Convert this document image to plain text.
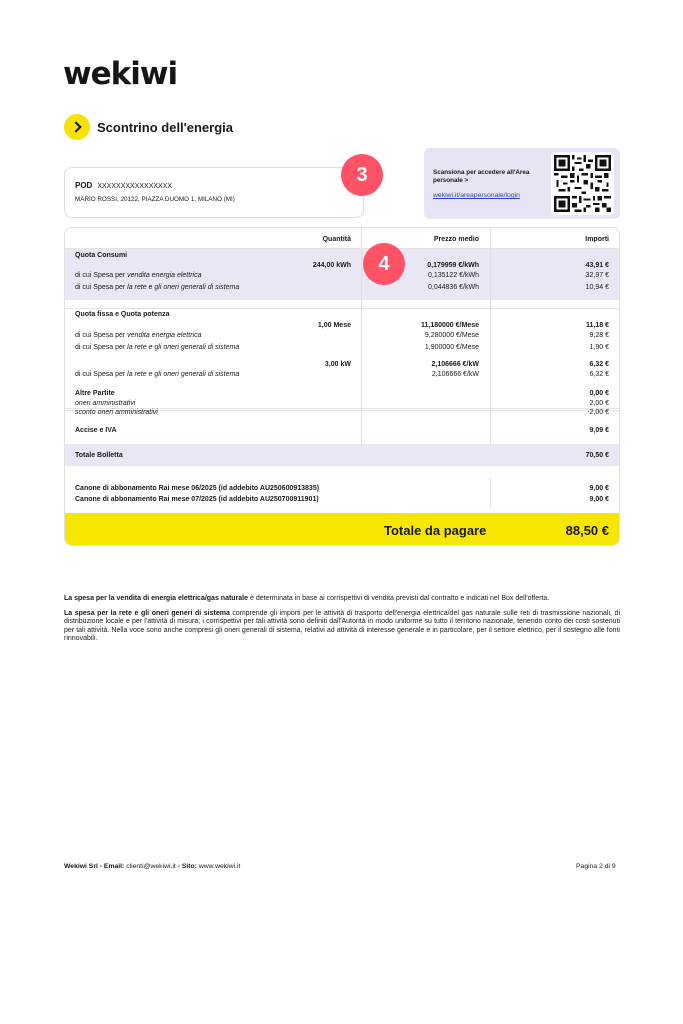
wekiwi
Scontrino dell'energia
POD XXXXXXXXXXXXXXXX
MARIO ROSSI, 20122, PIAZZA DUOMO 1, MILANO (MI)
3	Scansiona per accedere all'Area personale >
wekiwi.it/areapersonale/login
Quantità	Prezzo medio	Importi
Quota Consumi
244,00 kWh	0,179959 €/kWh	43,91 €
di cui Spesa per vendita energia elettrica	0,135122 €/kWh	32,97 €
di cui Spesa per la rete e gli oneri generali di sistema	0,044836 €/kWh	10,94 €
Quota fissa e Quota potenza
1,00 Mese	11,180000 €/Mese	11,18 €
di cui Spesa per vendita energia elettrica	9,280000 €/Mese	9,28 €
di cui Spesa per la rete e gli oneri generali di sistema	1,900000 €/Mese	1,90 €
3,00 kW	2,106666 €/kW	6,32 €
di cui Spesa per la rete e gli oneri generali di sistema	2,106666 €/kW	6,32 €
Altre Partite	0,00 €
oneri amministrativi	2,00 €
sconto oneri amministrativi	-2,00 €
Accise e IVA	9,09 €
Totale Bolletta	70,50 €
Canone di abbonamento Rai mese 06/2025 (id addebito AU250600913835)	9,00 €
Canone di abbonamento Rai mese 07/2025 (id addebito AU250700911901)	9,00 €
Totale da pagare	88,50 €
4

La spesa per la vendita di energia elettrica/gas naturale è determinata in base ai corrispettivi di vendita previsti dal contratto e indicati nel Box dell'offerta.

La spesa per la rete e gli oneri generi di sistema comprende gli importi per le attività di trasporto dell'energia elettrica/del gas naturale sulle reti di trasmissione nazionali, di distribuzione locale e per l'attività di misura; i corrispettivi per tali attività sono definiti dall'Autorità in modo uniforme su tutto il territorio nazionale, tenendo conto dei costi sostenuti per tali attività. Nella voce sono anche compresi gli oneri generali di sistema, relativi ad attività di interesse generale e in particolare, per il settore elettrico, per il sostegno alle fonti rinnovabili.

Wekiwi Srl - Email: clienti@wekiwi.it - Sito: www.wekiwi.it	Pagina 2 di 9
